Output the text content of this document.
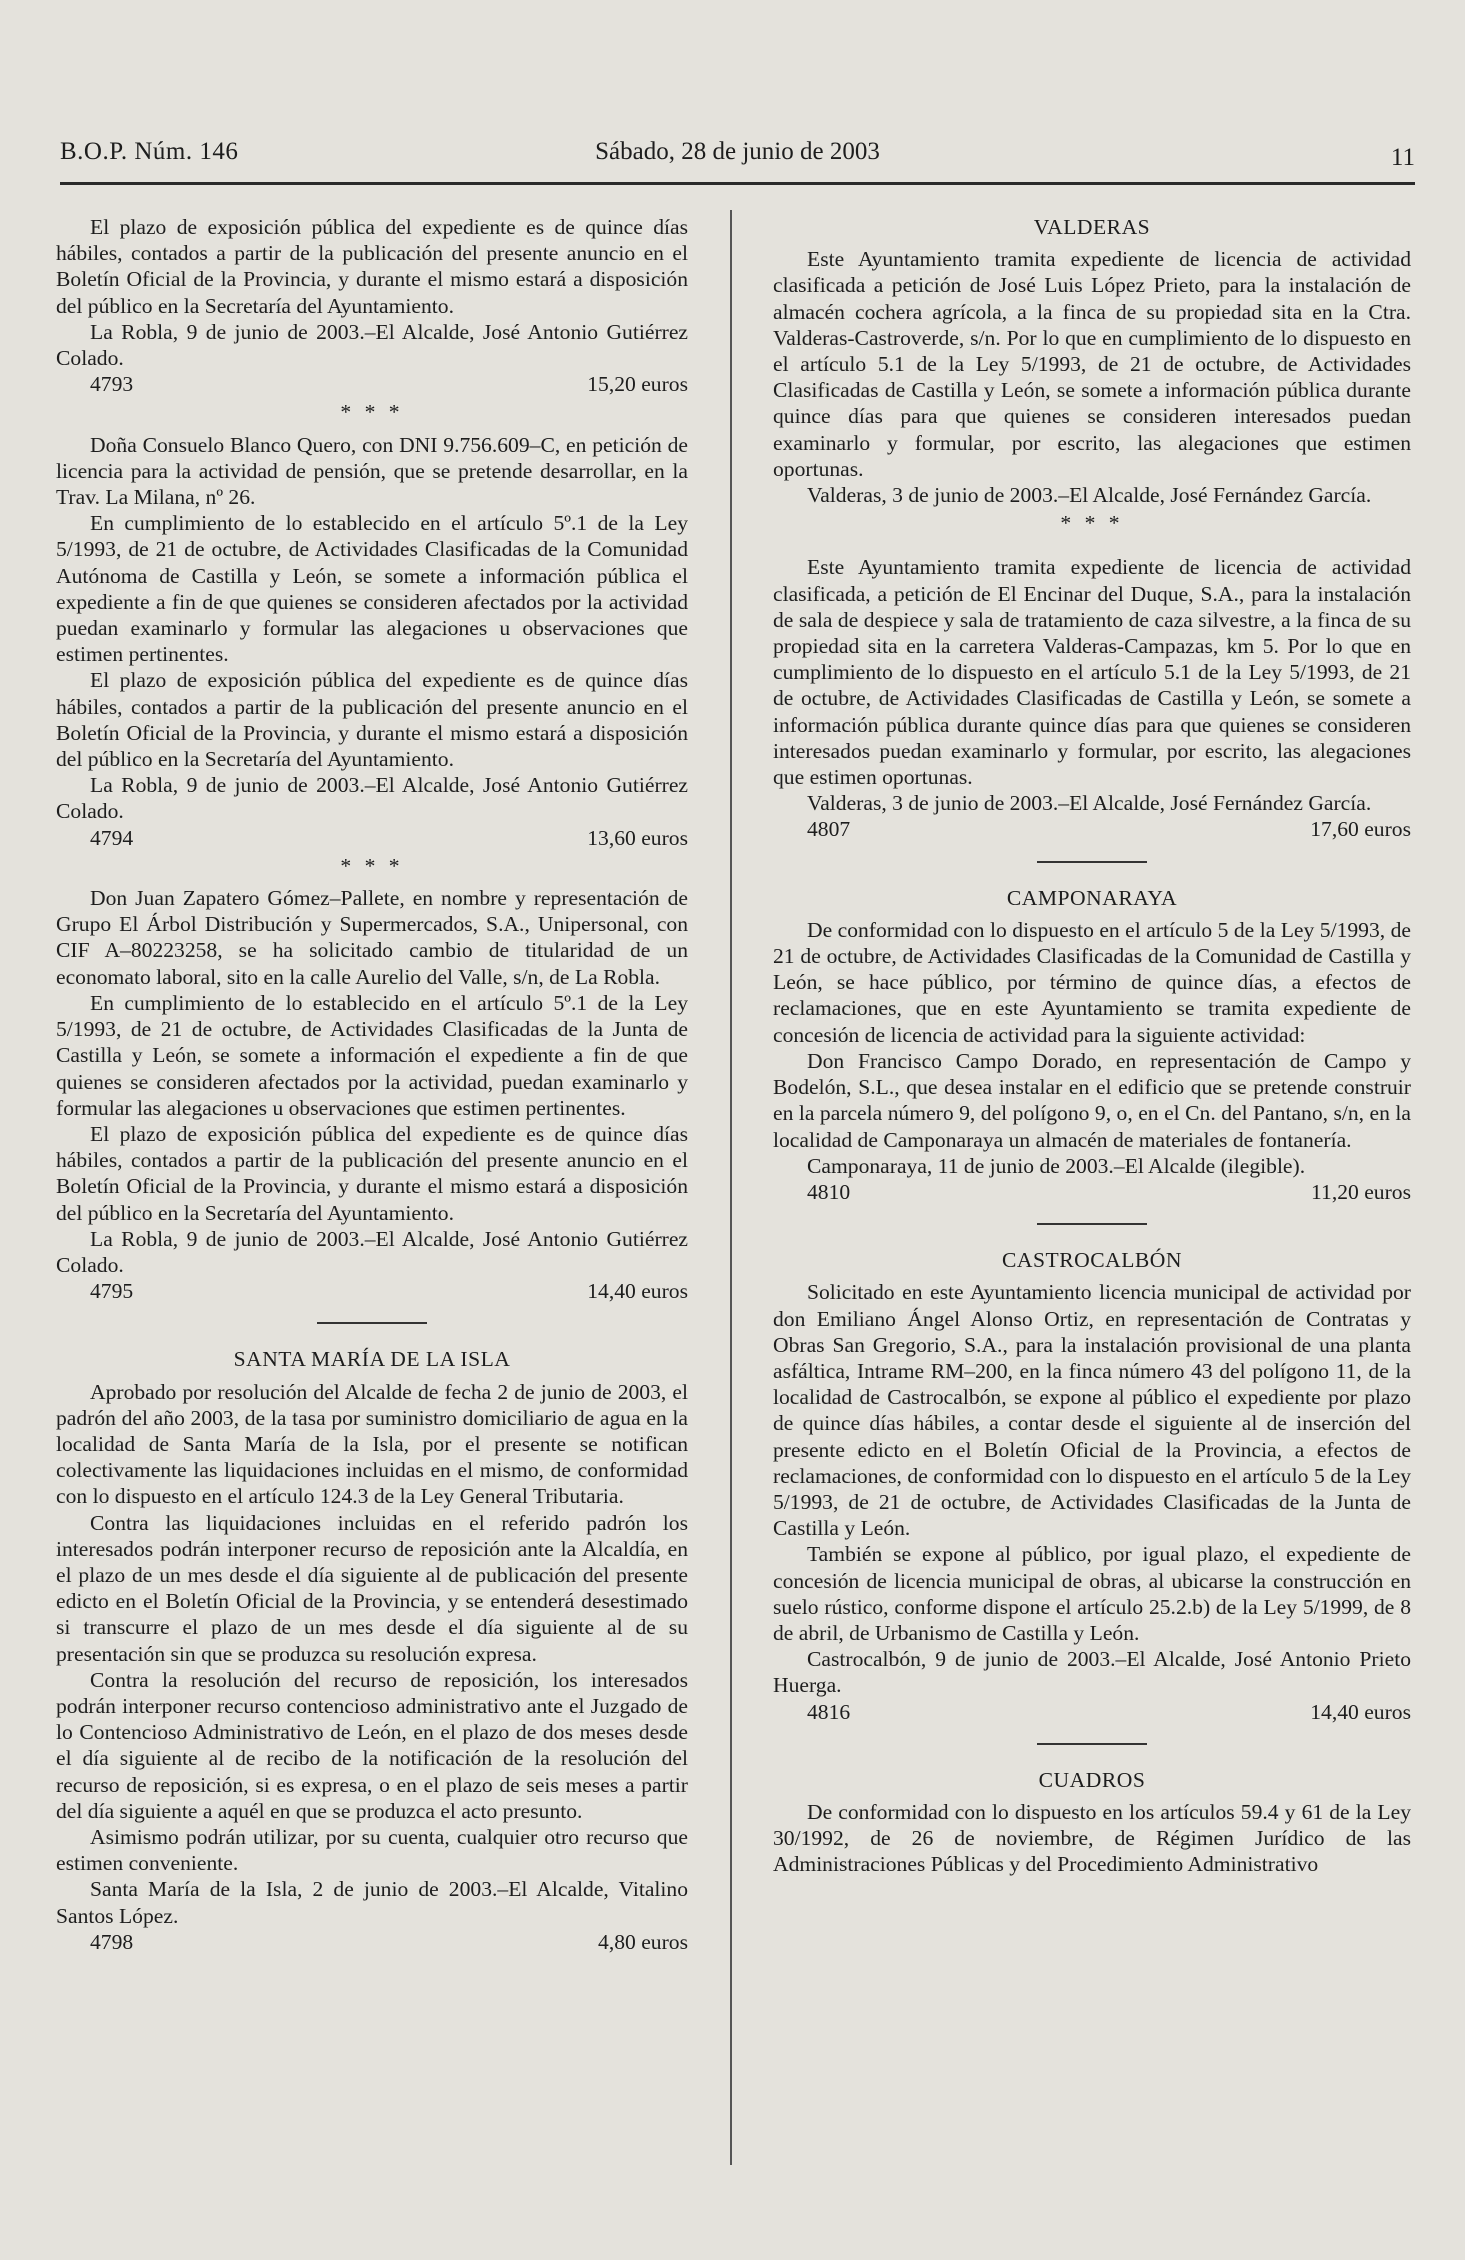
B.O.P. Núm. 146	Sábado, 28 de junio de 2003	11

El plazo de exposición pública del expediente es de quince días hábiles, contados a partir de la publicación del presente anuncio en el Boletín Oficial de la Provincia, y durante el mismo estará a disposición del público en la Secretaría del Ayuntamiento.

La Robla, 9 de junio de 2003.–El Alcalde, José Antonio Gutiérrez Colado.

4793	15,20 euros
* * *

Doña Consuelo Blanco Quero, con DNI 9.756.609–C, en petición de licencia para la actividad de pensión, que se pretende desarrollar, en la Trav. La Milana, nº 26.

En cumplimiento de lo establecido en el artículo 5º.1 de la Ley 5/1993, de 21 de octubre, de Actividades Clasificadas de la Comunidad Autónoma de Castilla y León, se somete a información pública el expediente a fin de que quienes se consideren afectados por la actividad puedan examinarlo y formular las alegaciones u observaciones que estimen pertinentes.

El plazo de exposición pública del expediente es de quince días hábiles, contados a partir de la publicación del presente anuncio en el Boletín Oficial de la Provincia, y durante el mismo estará a disposición del público en la Secretaría del Ayuntamiento.

La Robla, 9 de junio de 2003.–El Alcalde, José Antonio Gutiérrez Colado.

4794	13,60 euros
* * *

Don Juan Zapatero Gómez–Pallete, en nombre y representación de Grupo El Árbol Distribución y Supermercados, S.A., Unipersonal, con CIF A–80223258, se ha solicitado cambio de titularidad de un economato laboral, sito en la calle Aurelio del Valle, s/n, de La Robla.

En cumplimiento de lo establecido en el artículo 5º.1 de la Ley 5/1993, de 21 de octubre, de Actividades Clasificadas de la Junta de Castilla y León, se somete a información el expediente a fin de que quienes se consideren afectados por la actividad, puedan examinarlo y formular las alegaciones u observaciones que estimen pertinentes.

El plazo de exposición pública del expediente es de quince días hábiles, contados a partir de la publicación del presente anuncio en el Boletín Oficial de la Provincia, y durante el mismo estará a disposición del público en la Secretaría del Ayuntamiento.

La Robla, 9 de junio de 2003.–El Alcalde, José Antonio Gutiérrez Colado.

4795	14,40 euros
SANTA MARÍA DE LA ISLA

Aprobado por resolución del Alcalde de fecha 2 de junio de 2003, el padrón del año 2003, de la tasa por suministro domiciliario de agua en la localidad de Santa María de la Isla, por el presente se notifican colectivamente las liquidaciones incluidas en el mismo, de conformidad con lo dispuesto en el artículo 124.3 de la Ley General Tributaria.

Contra las liquidaciones incluidas en el referido padrón los interesados podrán interponer recurso de reposición ante la Alcaldía, en el plazo de un mes desde el día siguiente al de publicación del presente edicto en el Boletín Oficial de la Provincia, y se entenderá desestimado si transcurre el plazo de un mes desde el día siguiente al de su presentación sin que se produzca su resolución expresa.

Contra la resolución del recurso de reposición, los interesados podrán interponer recurso contencioso administrativo ante el Juzgado de lo Contencioso Administrativo de León, en el plazo de dos meses desde el día siguiente al de recibo de la notificación de la resolución del recurso de reposición, si es expresa, o en el plazo de seis meses a partir del día siguiente a aquél en que se produzca el acto presunto.

Asimismo podrán utilizar, por su cuenta, cualquier otro recurso que estimen conveniente.

Santa María de la Isla, 2 de junio de 2003.–El Alcalde, Vitalino Santos López.

4798	4,80 euros
VALDERAS

Este Ayuntamiento tramita expediente de licencia de actividad clasificada a petición de José Luis López Prieto, para la instalación de almacén cochera agrícola, a la finca de su propiedad sita en la Ctra. Valderas-Castroverde, s/n. Por lo que en cumplimiento de lo dispuesto en el artículo 5.1 de la Ley 5/1993, de 21 de octubre, de Actividades Clasificadas de Castilla y León, se somete a información pública durante quince días para que quienes se consideren interesados puedan examinarlo y formular, por escrito, las alegaciones que estimen oportunas.

Valderas, 3 de junio de 2003.–El Alcalde, José Fernández García.

* * *

Este Ayuntamiento tramita expediente de licencia de actividad clasificada, a petición de El Encinar del Duque, S.A., para la instalación de sala de despiece y sala de tratamiento de caza silvestre, a la finca de su propiedad sita en la carretera Valderas-Campazas, km 5. Por lo que en cumplimiento de lo dispuesto en el artículo 5.1 de la Ley 5/1993, de 21 de octubre, de Actividades Clasificadas de Castilla y León, se somete a información pública durante quince días para que quienes se consideren interesados puedan examinarlo y formular, por escrito, las alegaciones que estimen oportunas.

Valderas, 3 de junio de 2003.–El Alcalde, José Fernández García.

4807	17,60 euros
CAMPONARAYA

De conformidad con lo dispuesto en el artículo 5 de la Ley 5/1993, de 21 de octubre, de Actividades Clasificadas de la Comunidad de Castilla y León, se hace público, por término de quince días, a efectos de reclamaciones, que en este Ayuntamiento se tramita expediente de concesión de licencia de actividad para la siguiente actividad:

Don Francisco Campo Dorado, en representación de Campo y Bodelón, S.L., que desea instalar en el edificio que se pretende construir en la parcela número 9, del polígono 9, o, en el Cn. del Pantano, s/n, en la localidad de Camponaraya un almacén de materiales de fontanería.

Camponaraya, 11 de junio de 2003.–El Alcalde (ilegible).

4810	11,20 euros
CASTROCALBÓN

Solicitado en este Ayuntamiento licencia municipal de actividad por don Emiliano Ángel Alonso Ortiz, en representación de Contratas y Obras San Gregorio, S.A., para la instalación provisional de una planta asfáltica, Intrame RM–200, en la finca número 43 del polígono 11, de la localidad de Castrocalbón, se expone al público el expediente por plazo de quince días hábiles, a contar desde el siguiente al de inserción del presente edicto en el Boletín Oficial de la Provincia, a efectos de reclamaciones, de conformidad con lo dispuesto en el artículo 5 de la Ley 5/1993, de 21 de octubre, de Actividades Clasificadas de la Junta de Castilla y León.

También se expone al público, por igual plazo, el expediente de concesión de licencia municipal de obras, al ubicarse la construcción en suelo rústico, conforme dispone el artículo 25.2.b) de la Ley 5/1999, de 8 de abril, de Urbanismo de Castilla y León.

Castrocalbón, 9 de junio de 2003.–El Alcalde, José Antonio Prieto Huerga.

4816	14,40 euros
CUADROS

De conformidad con lo dispuesto en los artículos 59.4 y 61 de la Ley 30/1992, de 26 de noviembre, de Régimen Jurídico de las Administraciones Públicas y del Procedimiento Administrativo
